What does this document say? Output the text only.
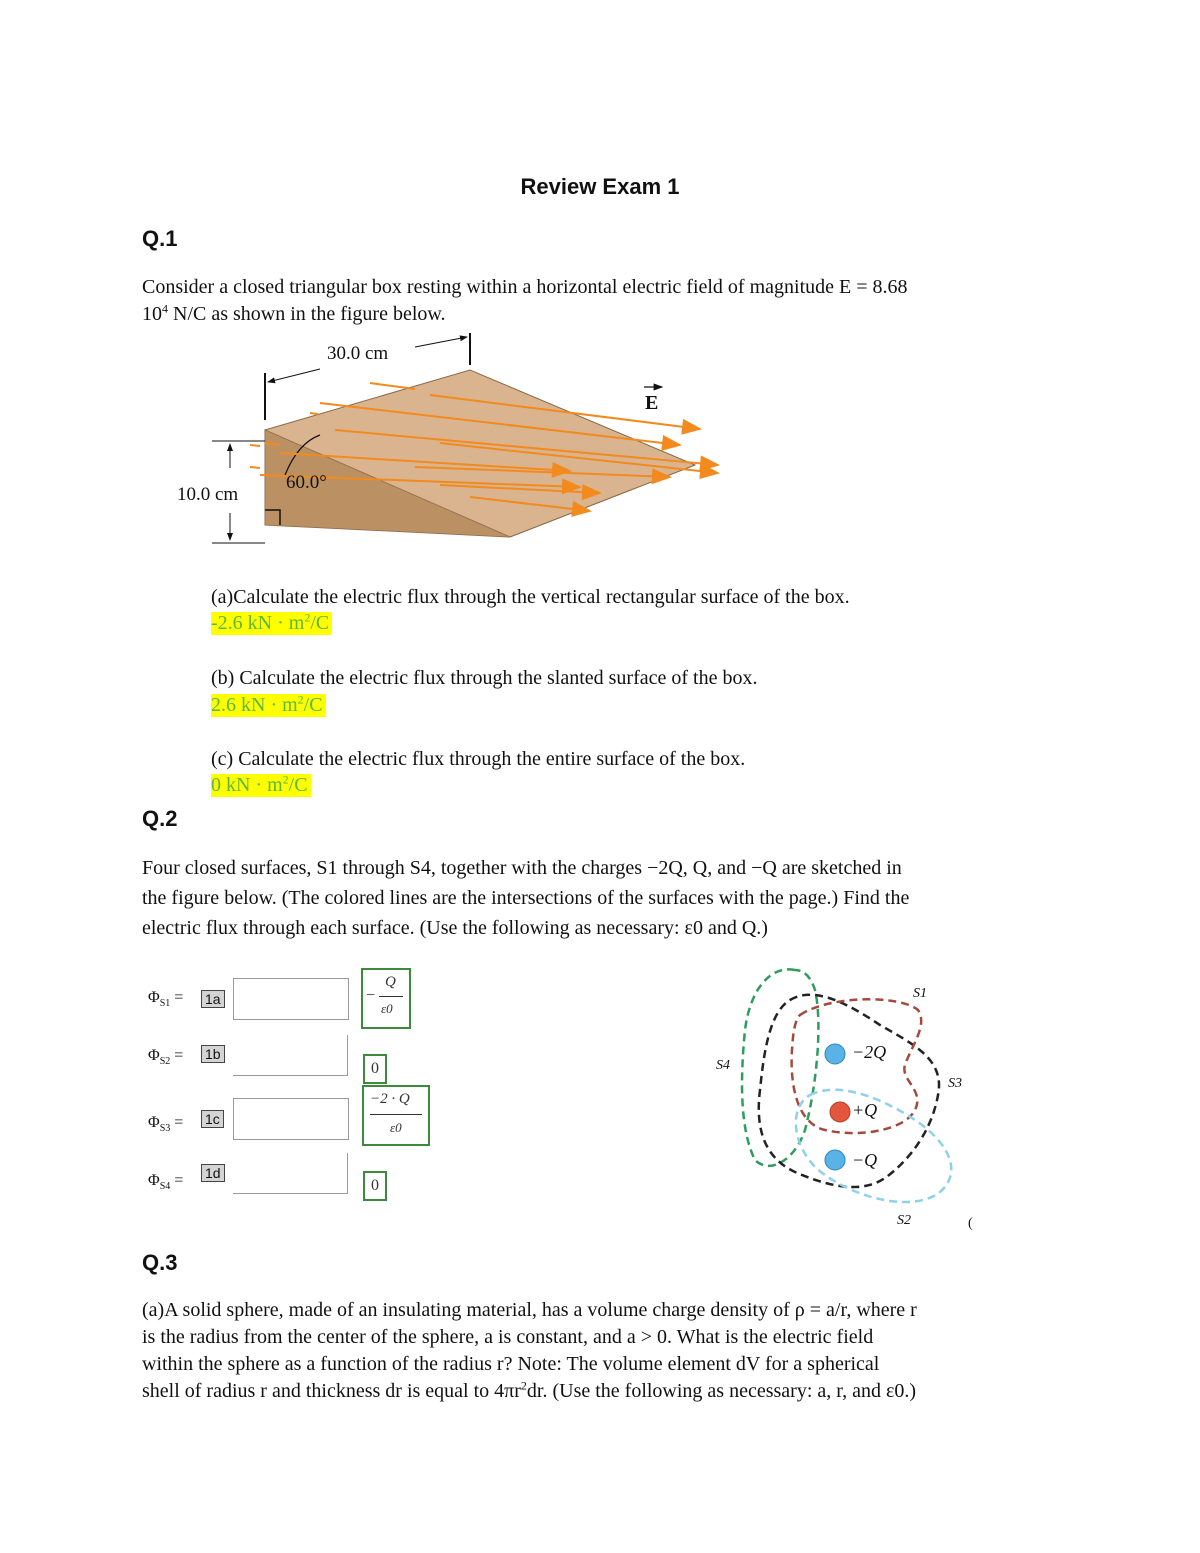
Review Exam 1
Q.1
Consider a closed triangular box resting within a horizontal electric field of magnitude E = 8.68
$10^4$ N/C as shown in the figure below.
30.0 cm
10.0 cm
60.0°
E
(a)Calculate the electric flux through the vertical rectangular surface of the box.
-2.6 kN · $m^2/C$
(b) Calculate the electric flux through the slanted surface of the box.
2.6 kN · $m^2/C$
(c) Calculate the electric flux through the entire surface of the box.
0 kN · $m^2/C$
Q.2
Four closed surfaces, S1 through S4, together with the charges −2Q, Q, and −Q are sketched in
the figure below. (The colored lines are the intersections of the surfaces with the page.) Find the
electric flux through each surface. (Use the following as necessary: ε0 and Q.)
$\Phi_{S1} = 1a$	−
Q
ε0
$\Phi_{S2} = 1b$
0
$\Phi_{S3} = 1c$
−2 · Q
ε0
$\Phi_{S4} = 1d$
0
−2Q
+Q
−Q
S1
S2
S3
S4
(
Q.3
(a)A solid sphere, made of an insulating material, has a volume charge density of ρ = a/r, where r
is the radius from the center of the sphere, a is constant, and a > 0. What is the electric field
within the sphere as a function of the radius r? Note: The volume element dV for a spherical
shell of radius r and thickness dr is equal to $4\pi r^2dr$. (Use the following as necessary: a, r, and ε0.)
